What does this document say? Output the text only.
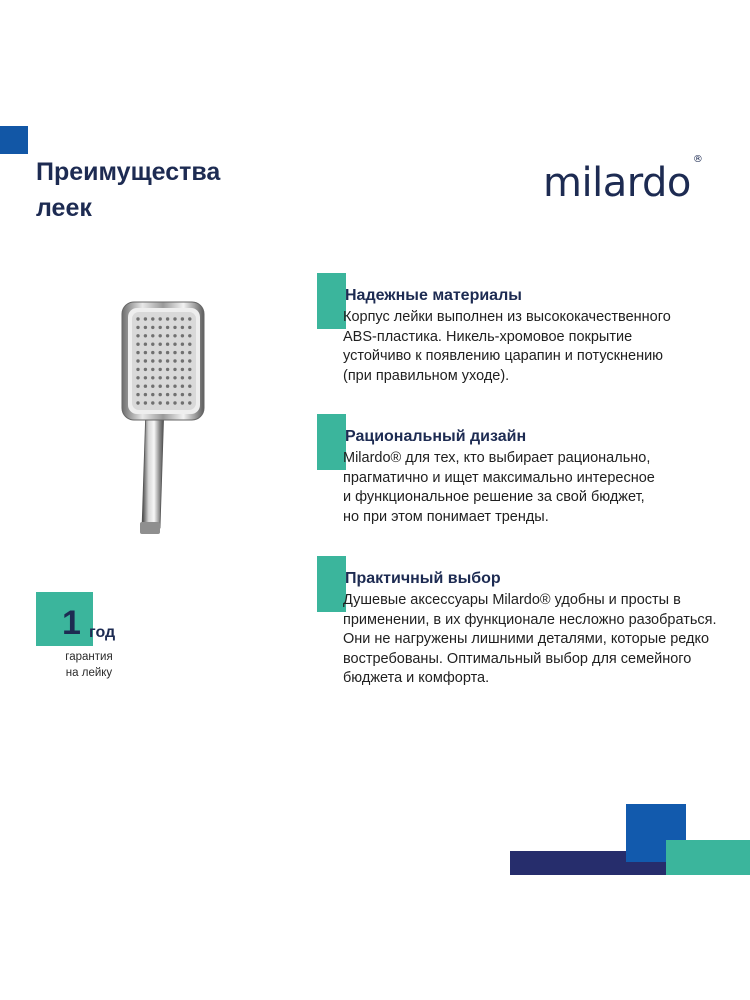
Преимущества
леек
milardo®
1 год
гарантия
на лейку
Надежные материалы

Корпус лейки выполнен из высококачественного

ABS-пластика. Никель-хромовое покрытие

устойчиво к появлению царапин и потускнению

(при правильном уходе).

Рациональный дизайн

Milardo® для тех, кто выбирает рационально,

прагматично и ищет максимально интересное

и функциональное решение за свой бюджет,

но при этом понимает тренды.

Практичный выбор

Душевые аксессуары Milardo® удобны и просты в

применении, в их функционале несложно разобраться.

Они не нагружены лишними деталями, которые редко

востребованы. Оптимальный выбор для семейного

бюджета и комфорта.
